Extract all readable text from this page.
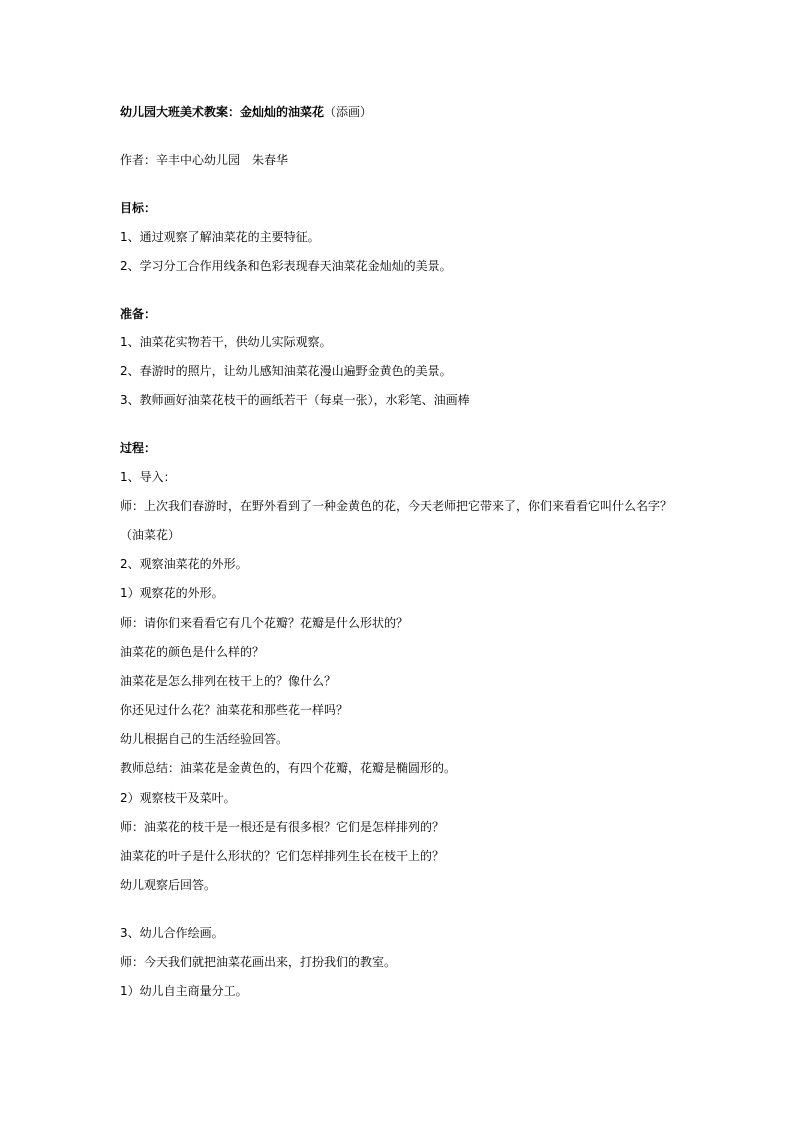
幼儿园大班美术教案：金灿灿的油菜花（添画）
作者：辛丰中心幼儿园　朱春华
目标：
1、通过观察了解油菜花的主要特征。
2、学习分工合作用线条和色彩表现春天油菜花金灿灿的美景。
准备：
1、油菜花实物若干，供幼儿实际观察。
2、春游时的照片，让幼儿感知油菜花漫山遍野金黄色的美景。
3、教师画好油菜花枝干的画纸若干（每桌一张），水彩笔、油画棒
过程：
1、导入：
师：上次我们春游时，在野外看到了一种金黄色的花，今天老师把它带来了，你们来看看它叫什么名字？
（油菜花）
2、观察油菜花的外形。
1）观察花的外形。
师：请你们来看看它有几个花瓣？花瓣是什么形状的？
油菜花的颜色是什么样的？
油菜花是怎么排列在枝干上的？像什么？
你还见过什么花？油菜花和那些花一样吗？
幼儿根据自己的生活经验回答。
教师总结：油菜花是金黄色的，有四个花瓣，花瓣是椭圆形的。
2）观察枝干及菜叶。
师：油菜花的枝干是一根还是有很多根？它们是怎样排列的？
油菜花的叶子是什么形状的？它们怎样排列生长在枝干上的？
幼儿观察后回答。
3、幼儿合作绘画。
师：今天我们就把油菜花画出来，打扮我们的教室。
1）幼儿自主商量分工。
